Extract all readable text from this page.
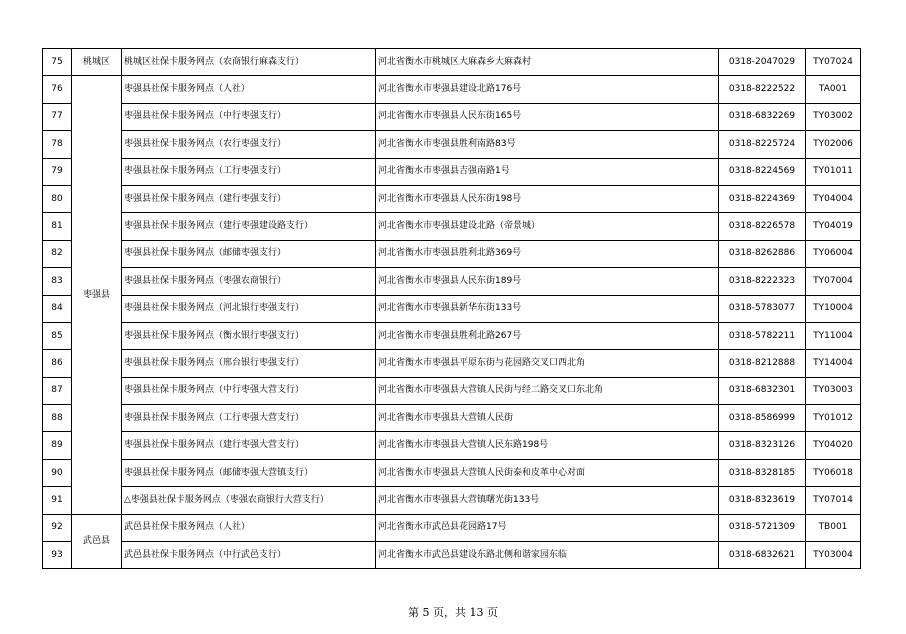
75	桃城区	桃城区社保卡服务网点（农商银行麻森支行）	河北省衡水市桃城区大麻森乡大麻森村	0318-2047029	TY07024
76	枣强县	枣强县社保卡服务网点（人社）	河北省衡水市枣强县建设北路176号	0318-8222522	TA001
77		枣强县社保卡服务网点（中行枣强支行）	河北省衡水市枣强县人民东街165号	0318-6832269	TY03002
78		枣强县社保卡服务网点（农行枣强支行）	河北省衡水市枣强县胜利南路83号	0318-8225724	TY02006
79		枣强县社保卡服务网点（工行枣强支行）	河北省衡水市枣强县吉强南路1号	0318-8224569	TY01011
80		枣强县社保卡服务网点（建行枣强支行）	河北省衡水市枣强县人民东街198号	0318-8224369	TY04004
81		枣强县社保卡服务网点（建行枣强建设路支行）	河北省衡水市枣强县建设北路（帝景城）	0318-8226578	TY04019
82		枣强县社保卡服务网点（邮储枣强支行）	河北省衡水市枣强县胜利北路369号	0318-8262886	TY06004
83		枣强县社保卡服务网点（枣强农商银行）	河北省衡水市枣强县人民东街189号	0318-8222323	TY07004
84		枣强县社保卡服务网点（河北银行枣强支行）	河北省衡水市枣强县新华东街133号	0318-5783077	TY10004
85		枣强县社保卡服务网点（衡水银行枣强支行）	河北省衡水市枣强县胜利北路267号	0318-5782211	TY11004
86		枣强县社保卡服务网点（邢台银行枣强支行）	河北省衡水市枣强县平原东街与花园路交叉口西北角	0318-8212888	TY14004
87		枣强县社保卡服务网点（中行枣强大营支行）	河北省衡水市枣强县大营镇人民街与经二路交叉口东北角	0318-6832301	TY03003
88		枣强县社保卡服务网点（工行枣强大营支行）	河北省衡水市枣强县大营镇人民街	0318-8586999	TY01012
89		枣强县社保卡服务网点（建行枣强大营支行）	河北省衡水市枣强县大营镇人民东路198号	0318-8323126	TY04020
90		枣强县社保卡服务网点（邮储枣强大营镇支行）	河北省衡水市枣强县大营镇人民街泰和皮革中心对面	0318-8328185	TY06018
91		△枣强县社保卡服务网点（枣强农商银行大营支行）	河北省衡水市枣强县大营镇曙光街133号	0318-8323619	TY07014
92	武邑县	武邑县社保卡服务网点（人社）	河北省衡水市武邑县花园路17号	0318-5721309	TB001
93		武邑县社保卡服务网点（中行武邑支行）	河北省衡水市武邑县建设东路北侧和谐家园东临	0318-6832621	TY03004
第 5 页，共 13 页
